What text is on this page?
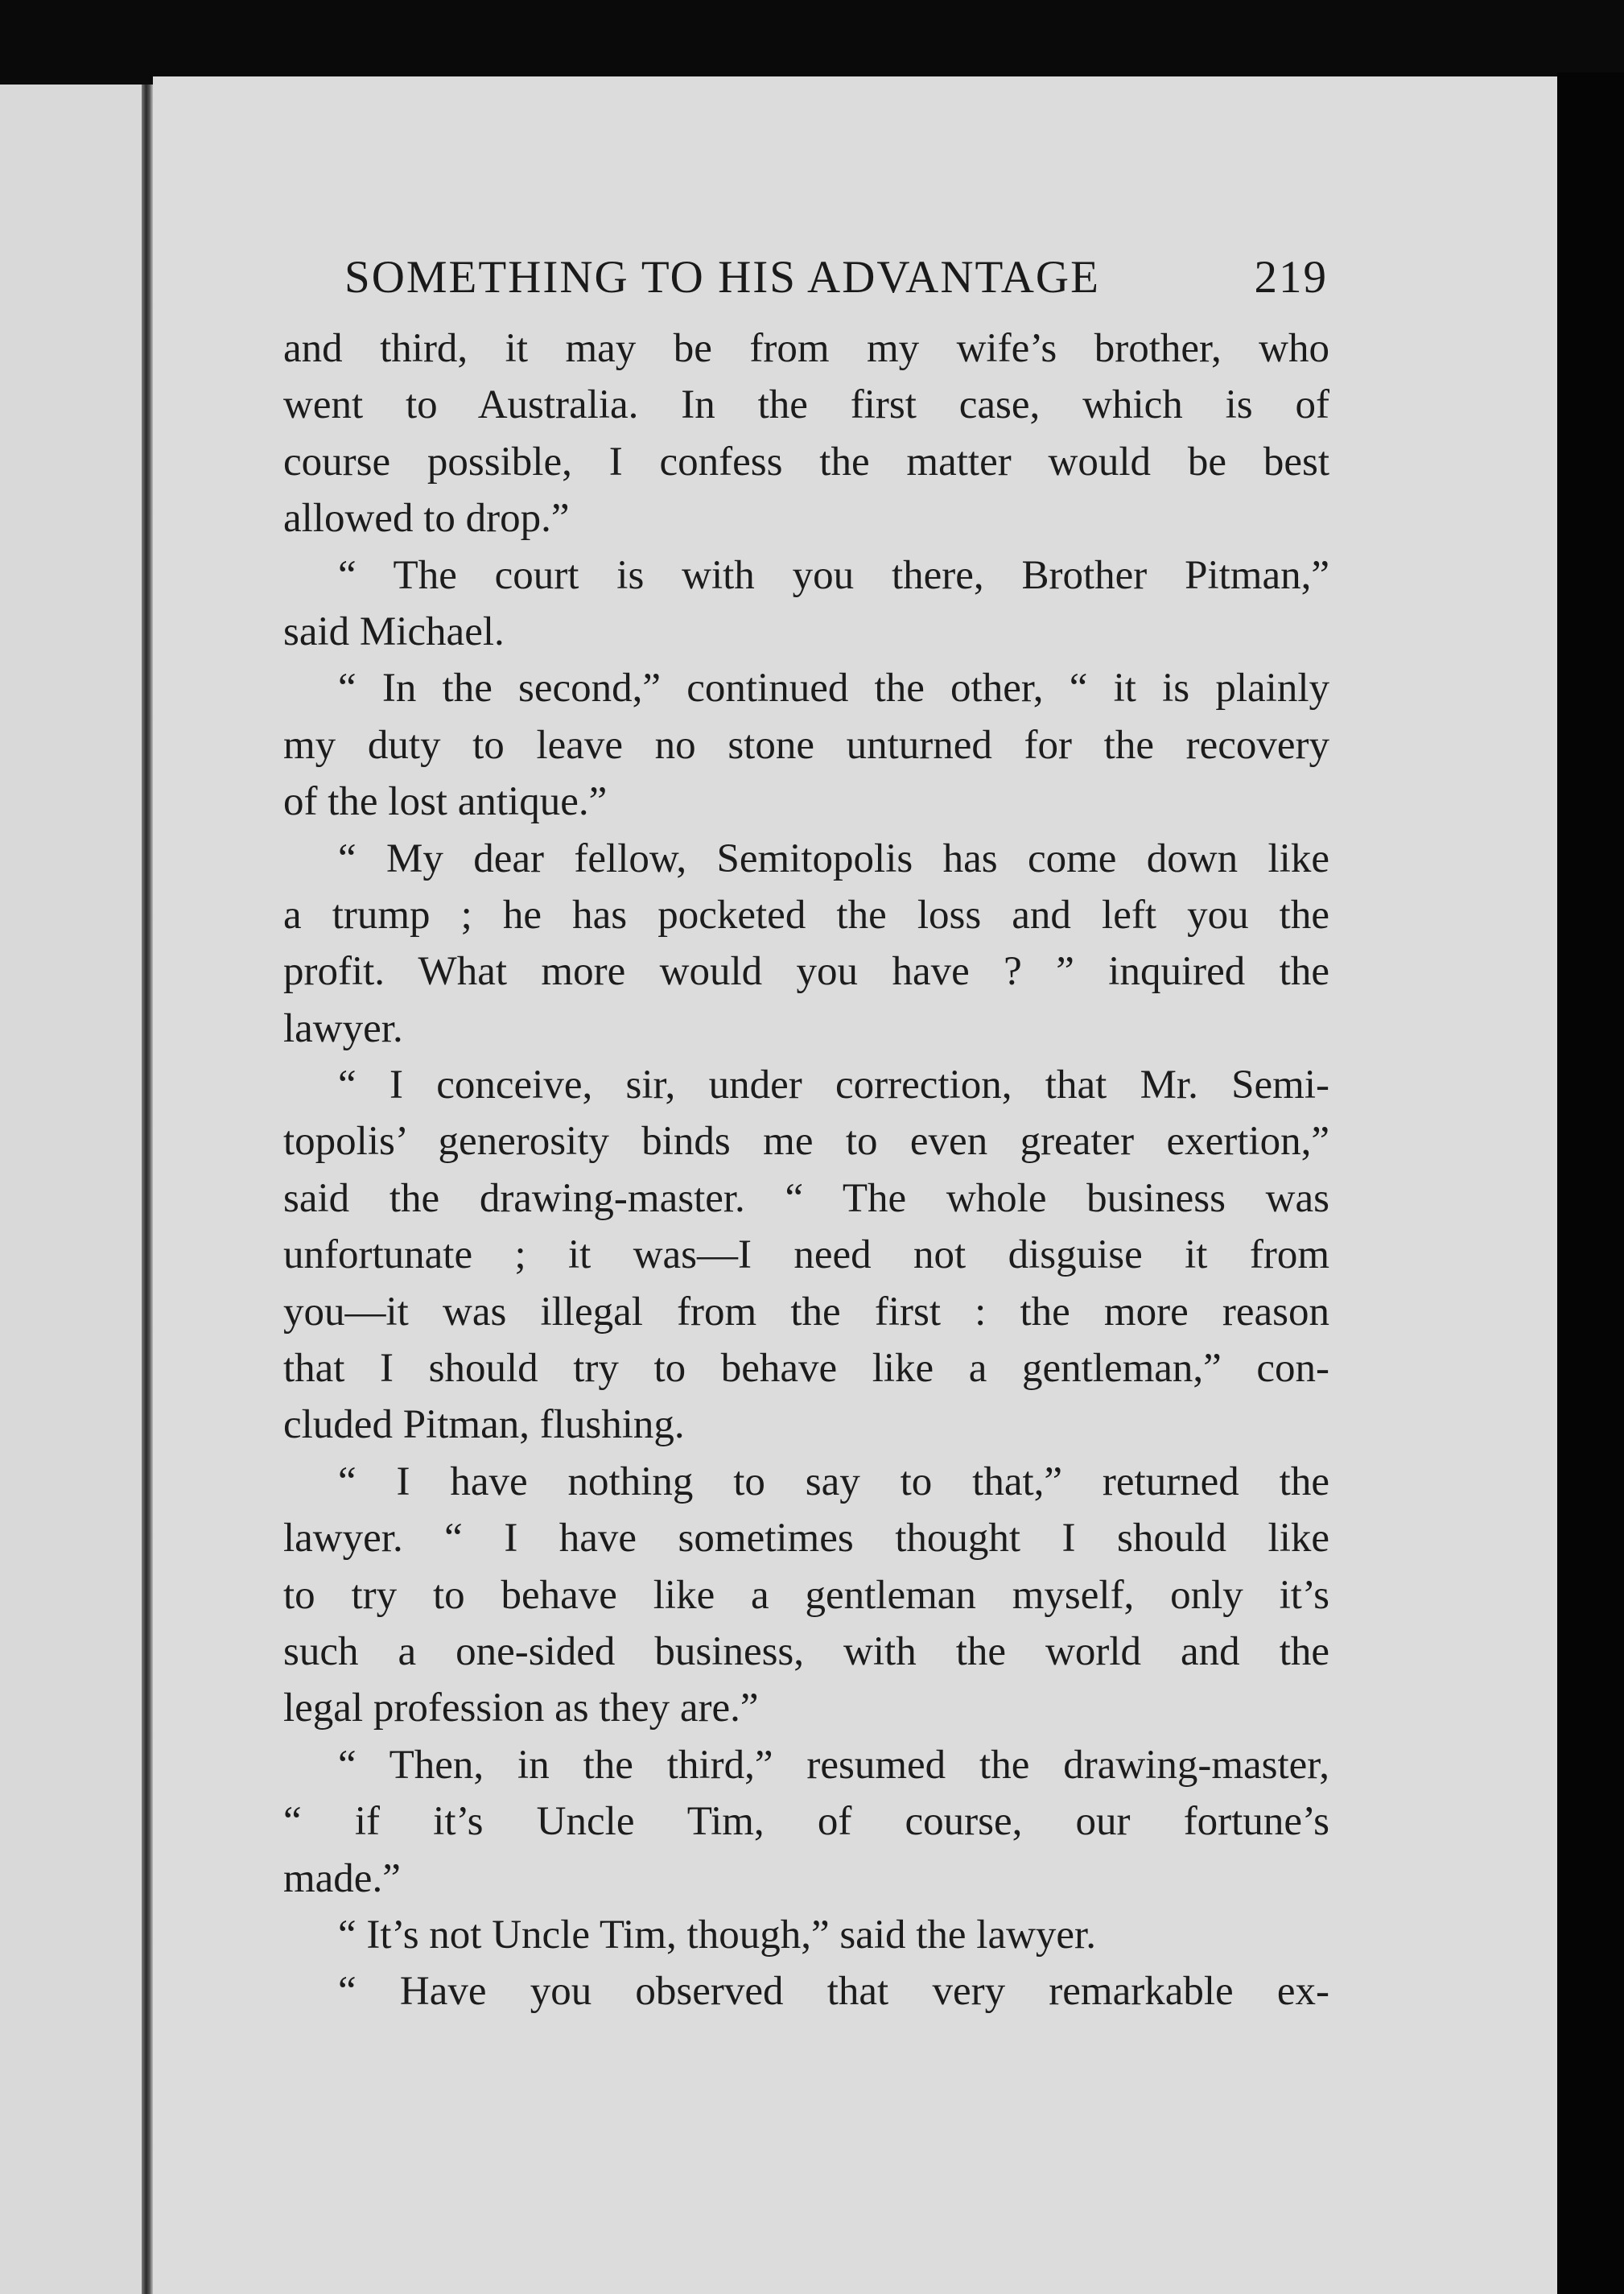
SOMETHING TO HIS ADVANTAGE	219
and third, it may be from my wife’s brother, who
went to Australia. In the first case, which is of
course possible, I confess the matter would be best
allowed to drop.”
“ The court is with you there, Brother Pitman,”
said Michael.
“ In the second,” continued the other, “ it is plainly
my duty to leave no stone unturned for the recovery
of the lost antique.”
“ My dear fellow, Semitopolis has come down like
a trump ; he has pocketed the loss and left you the
profit. What more would you have ? ” inquired the
lawyer.
“ I conceive, sir, under correction, that Mr. Semi-
topolis’ generosity binds me to even greater exertion,”
said the drawing-master. “ The whole business was
unfortunate ; it was—I need not disguise it from
you—it was illegal from the first : the more reason
that I should try to behave like a gentleman,” con-
cluded Pitman, flushing.
“ I have nothing to say to that,” returned the
lawyer. “ I have sometimes thought I should like
to try to behave like a gentleman myself, only it’s
such a one-sided business, with the world and the
legal profession as they are.”
“ Then, in the third,” resumed the drawing-master,
“ if it’s Uncle Tim, of course, our fortune’s
made.”
“ It’s not Uncle Tim, though,” said the lawyer.
“ Have you observed that very remarkable ex-
